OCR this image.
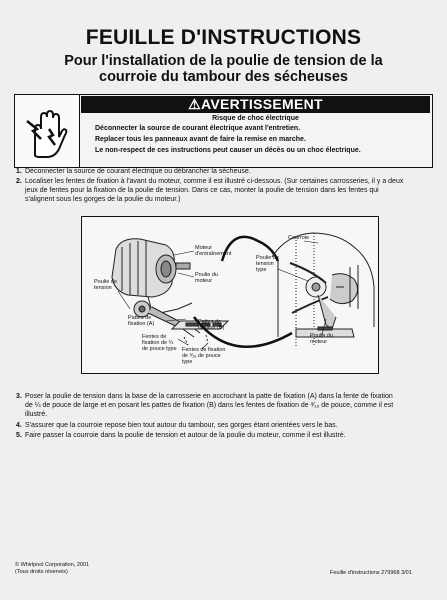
FEUILLE D'INSTRUCTIONS
Pour l'installation de la poulie de tension de la
courroie du tambour des sécheuses
⚠AVERTISSEMENT
Risque de choc électrique
Déconnecter la source de courant électrique avant l'entretien.
Replacer tous les panneaux avant de faire la remise en marche.
Le non-respect de ces instructions peut causer un décès ou un choc électrique.
1. Déconnecter la source de courant électrique ou débrancher la sécheuse.
2. Localiser les fentes de fixation à l'avant du moteur, comme il est illustré ci-dessous. (Sur certaines carrosseries, il y a deux
jeux de fentes pour la fixation de la poulie de tension. Dans ce cas, monter la poulie de tension dans les fentes qui
s'alignent sous les gorges de la poulie du moteur.)
Moteur
d'entraînement
Poulie du
moteur
Poulie de
tension
Pattes de
fixation (A)	Pattes de
fixation (B)
Fentes de
fixation de ¼
de pouce type Fentes de fixation
de ³⁄₁₆ de pouce
type
Courroie
Poulie de
tension
type
Poulie du
moteur
3. Poser la poulie de tension dans la base de la carrosserie en accrochant la patte de fixation (A) dans la fente de fixation
de ¼ de pouce de large et en posant les pattes de fixation (B) dans les fentes de fixation de ³⁄₁₆ de pouce, comme il est
illustré.
4. S'assurer que la courroie repose bien tout autour du tambour, ses gorges étant orientées vers le bas.
5. Faire passer la courroie dans la poulie de tension et autour de la poulie du moteur, comme il est illustré.
© Whirlpool Corporation, 2001
(Tous droits réservés)	Feuille d'instructions 279968 3/01
